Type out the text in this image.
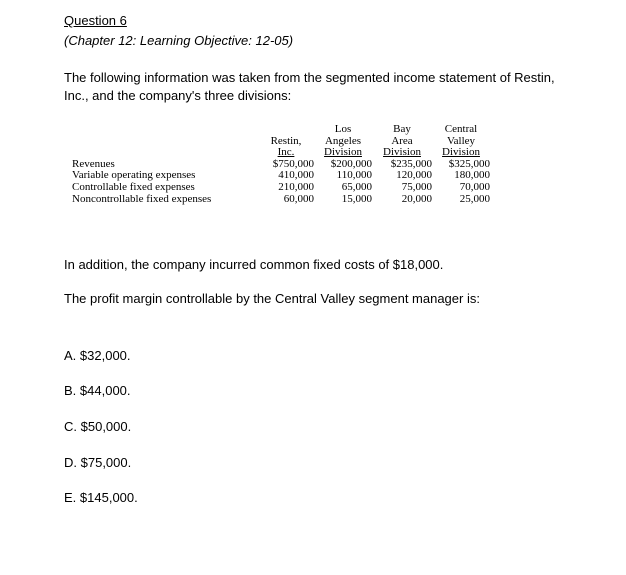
Question 6
(Chapter 12: Learning Objective: 12-05)
The following information was taken from the segmented income statement of Restin, Inc., and the company's three divisions:
		Los	Bay	Central
	Restin,	Angeles	Area	Valley
	Inc.	Division	Division	Division
Revenues	$750,000	$200,000	$235,000	$325,000
Variable operating expenses	410,000	110,000	120,000	180,000
Controllable fixed expenses	210,000	65,000	75,000	70,000
Noncontrollable fixed expenses	60,000	15,000	20,000	25,000
In addition, the company incurred common fixed costs of $18,000.
The profit margin controllable by the Central Valley segment manager is:
A. $32,000.
B. $44,000.
C. $50,000.
D. $75,000.
E. $145,000.
